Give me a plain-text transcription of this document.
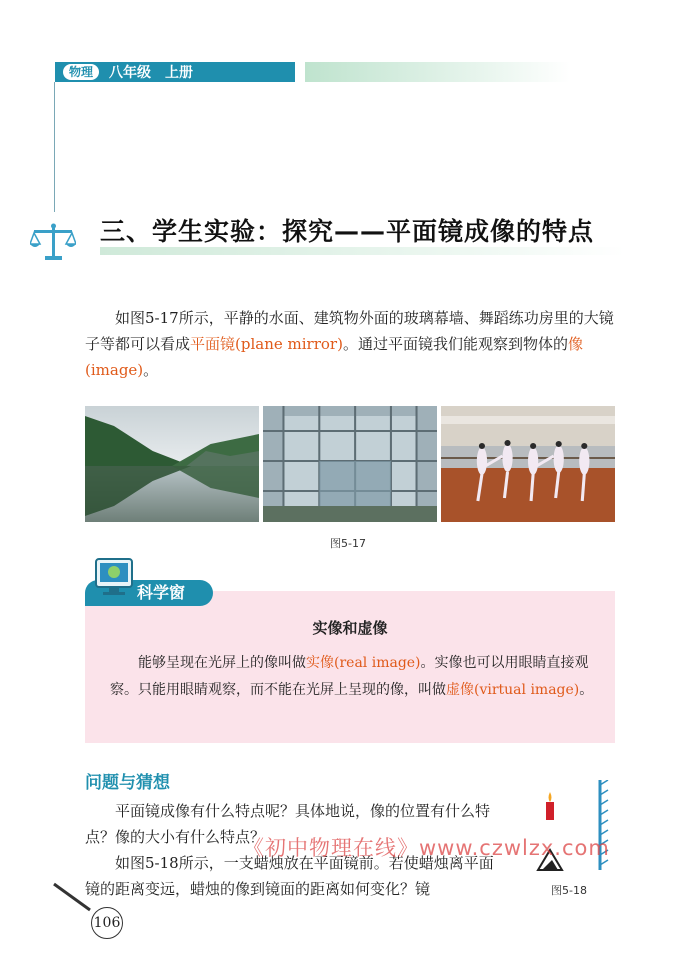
物理	八年级 上册
三、学生实验：探究——平面镜成像的特点
如图5-17所示，平静的水面、建筑物外面的玻璃幕墙、舞蹈练功房里的大镜子等都可以看成平面镜(plane mirror)。通过平面镜我们能观察到物体的像(image)。
图5-17
科学窗
实像和虚像
能够呈现在光屏上的像叫做实像(real image)。实像也可以用眼睛直接观察。只能用眼睛观察，而不能在光屏上呈现的像，叫做虚像(virtual image)。
问题与猜想
平面镜成像有什么特点呢？具体地说，像的位置有什么特点？像的大小有什么特点？
如图5-18所示，一支蜡烛放在平面镜前。若使蜡烛离平面镜的距离变远，蜡烛的像到镜面的距离如何变化？镜	图5-18
《初中物理在线》www.czwlzx.com
106
